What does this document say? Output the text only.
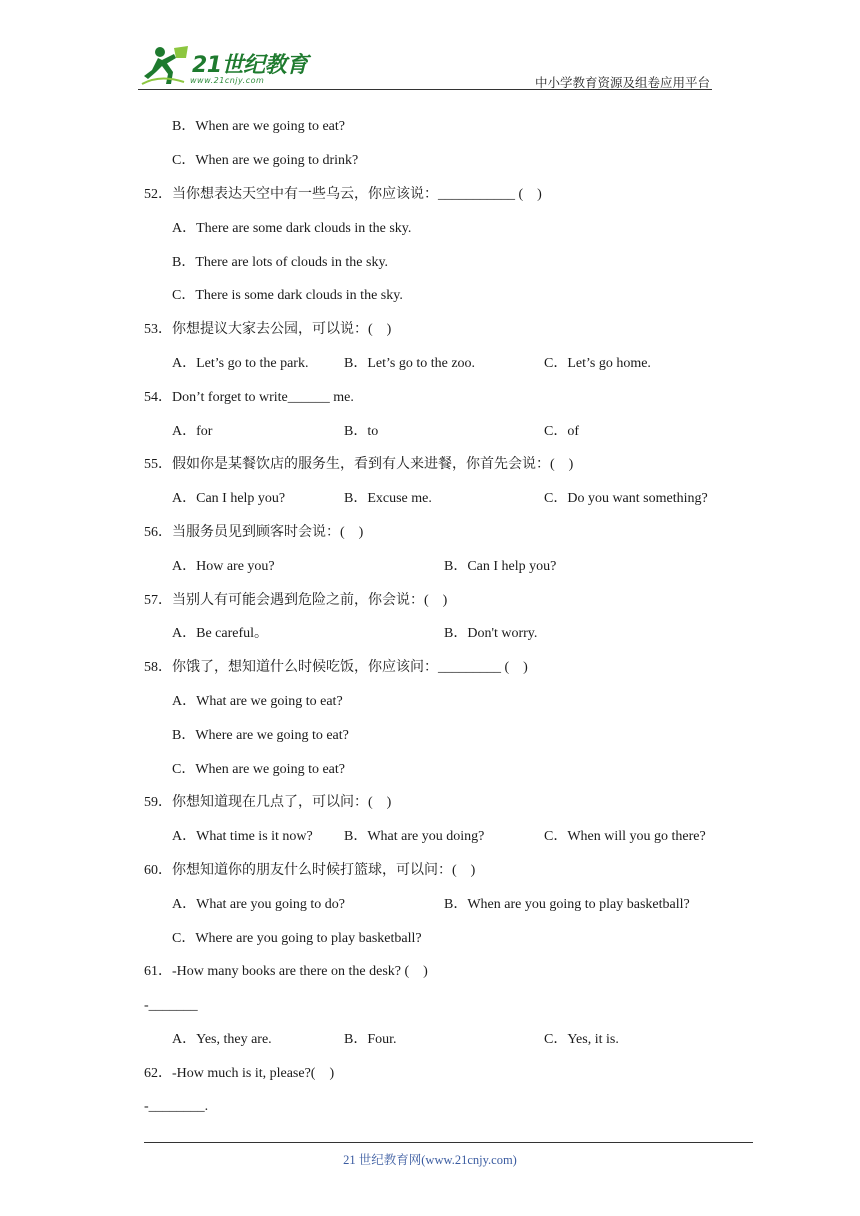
21世纪教育
www.21cnjy.com	中小学教育资源及组卷应用平台
B．When are we going to eat?
C．When are we going to drink?
52．当你想表达天空中有一些乌云，你应该说：___________ (    )
A．There are some dark clouds in the sky.
B．There are lots of clouds in the sky.
C．There is some dark clouds in the sky.
53．你想提议大家去公园，可以说：(    )
A．Let’s go to the park.	B．Let’s go to the zoo.	C．Let’s go home.
54．Don’t forget to write______ me.
A．for	B．to	C．of
55．假如你是某餐饮店的服务生，看到有人来进餐，你首先会说：(    )
A．Can I help you?	B．Excuse me.	C．Do you want something?
56．当服务员见到顾客时会说：(    )
A．How are you?	B．Can I help you?
57．当别人有可能会遇到危险之前，你会说：(    )
A．Be careful。	B．Don't worry.
58．你饿了，想知道什么时候吃饭，你应该问：_________ (    )
A．What are we going to eat?
B．Where are we going to eat?
C．When are we going to eat?
59．你想知道现在几点了，可以问：(    )
A．What time is it now? B．What are you doing?	C．When will you go there?
60．你想知道你的朋友什么时候打篮球，可以问：(    )
A．What are you going to do?	B．When are you going to play basketball?
C．Where are you going to play basketball?
61．-How many books are there on the desk? (    )
-_______
A．Yes, they are.	B．Four.	C．Yes, it is.
62．-How much is it, please?(    )
-________.
21 世纪教育网(www.21cnjy.com)
